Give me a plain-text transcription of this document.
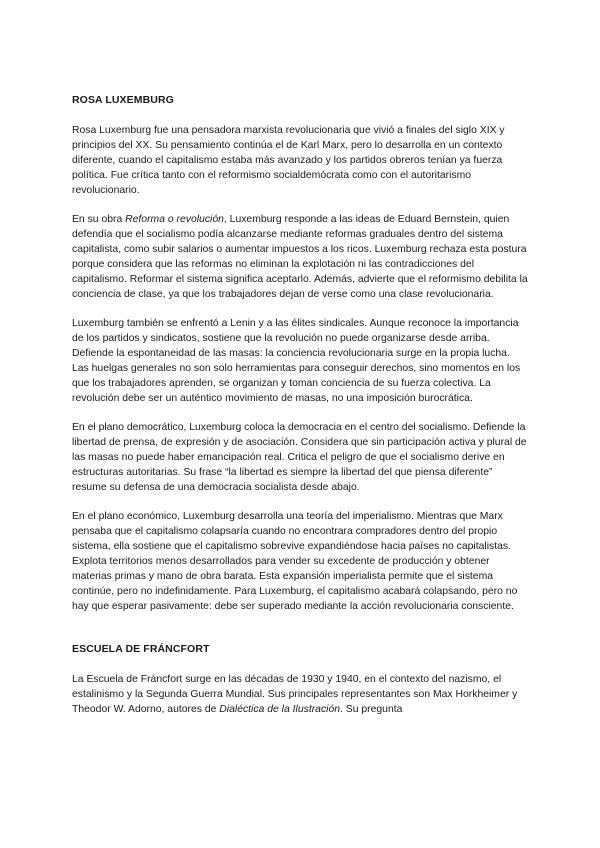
ROSA LUXEMBURG

Rosa Luxemburg fue una pensadora marxista revolucionaria que vivió a finales del siglo XIX y principios del XX. Su pensamiento continúa el de Karl Marx, pero lo desarrolla en un contexto diferente, cuando el capitalismo estaba más avanzado y los partidos obreros tenían ya fuerza política. Fue crítica tanto con el reformismo socialdemócrata como con el autoritarismo revolucionario.

En su obra Reforma o revolución, Luxemburg responde a las ideas de Eduard Bernstein, quien defendía que el socialismo podía alcanzarse mediante reformas graduales dentro del sistema capitalista, como subir salarios o aumentar impuestos a los ricos. Luxemburg rechaza esta postura porque considera que las reformas no eliminan la explotación ni las contradicciones del capitalismo. Reformar el sistema significa aceptarlo. Además, advierte que el reformismo debilita la conciencia de clase, ya que los trabajadores dejan de verse como una clase revolucionaria.

Luxemburg también se enfrentó a Lenin y a las élites sindicales. Aunque reconoce la importancia de los partidos y sindicatos, sostiene que la revolución no puede organizarse desde arriba. Defiende la espontaneidad de las masas: la conciencia revolucionaria surge en la propia lucha. Las huelgas generales no son solo herramientas para conseguir derechos, sino momentos en los que los trabajadores aprenden, se organizan y toman conciencia de su fuerza colectiva. La revolución debe ser un auténtico movimiento de masas, no una imposición burocrática.

En el plano democrático, Luxemburg coloca la democracia en el centro del socialismo. Defiende la libertad de prensa, de expresión y de asociación. Considera que sin participación activa y plural de las masas no puede haber emancipación real. Critica el peligro de que el socialismo derive en estructuras autoritarias. Su frase “la libertad es siempre la libertad del que piensa diferente” resume su defensa de una democracia socialista desde abajo.

En el plano económico, Luxemburg desarrolla una teoría del imperialismo. Mientras que Marx pensaba que el capitalismo colapsaría cuando no encontrara compradores dentro del propio sistema, ella sostiene que el capitalismo sobrevive expandiéndose hacia países no capitalistas. Explota territorios menos desarrollados para vender su excedente de producción y obtener materias primas y mano de obra barata. Esta expansión imperialista permite que el sistema continúe, pero no indefinidamente. Para Luxemburg, el capitalismo acabará colapsando, pero no hay que esperar pasivamente: debe ser superado mediante la acción revolucionaria consciente.

ESCUELA DE FRÁNCFORT

La Escuela de Fráncfort surge en las décadas de 1930 y 1940, en el contexto del nazismo, el estalinismo y la Segunda Guerra Mundial. Sus principales representantes son Max Horkheimer y Theodor W. Adorno, autores de Dialéctica de la Ilustración. Su pregunta
